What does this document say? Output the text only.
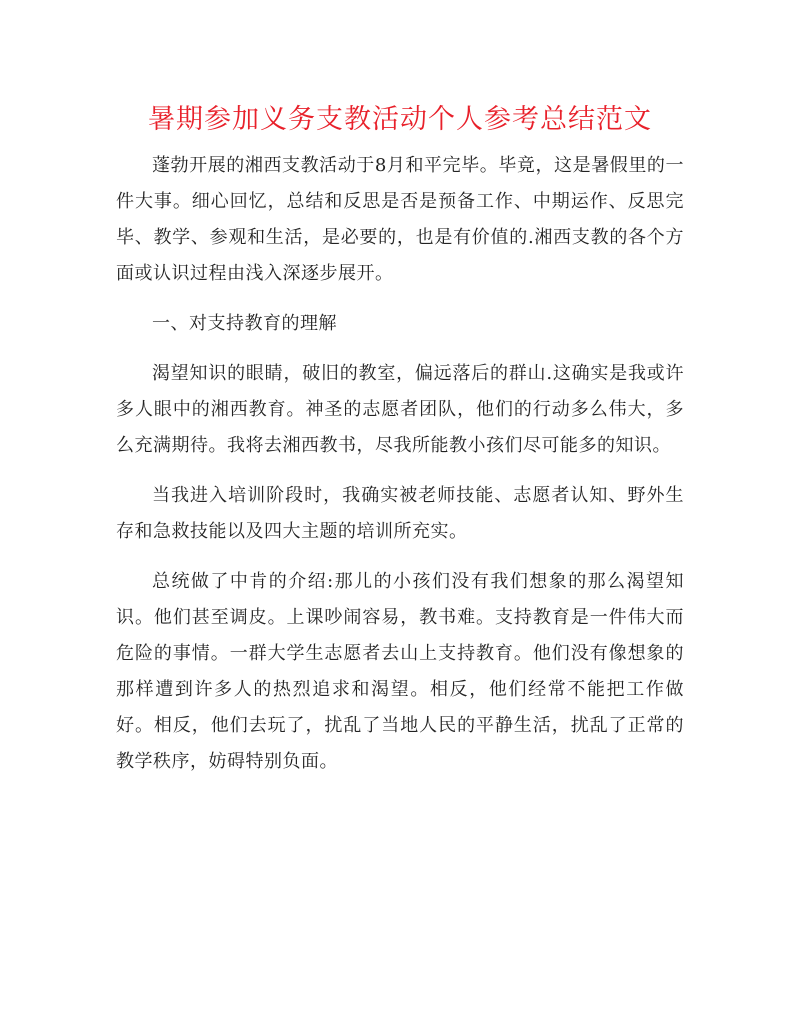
暑期参加义务支教活动个人参考总结范文

蓬勃开展的湘西支教活动于8月和平完毕。毕竟，这是暑假里的一件大事。细心回忆，总结和反思是否是预备工作、中期运作、反思完毕、教学、参观和生活，是必要的，也是有价值的.湘西支教的各个方面或认识过程由浅入深逐步展开。

一、对支持教育的理解

渴望知识的眼睛，破旧的教室，偏远落后的群山.这确实是我或许多人眼中的湘西教育。神圣的志愿者团队，他们的行动多么伟大，多么充满期待。我将去湘西教书，尽我所能教小孩们尽可能多的知识。

当我进入培训阶段时，我确实被老师技能、志愿者认知、野外生存和急救技能以及四大主题的培训所充实。

总统做了中肯的介绍:那儿的小孩们没有我们想象的那么渴望知识。他们甚至调皮。上课吵闹容易，教书难。支持教育是一件伟大而危险的事情。一群大学生志愿者去山上支持教育。他们没有像想象的那样遭到许多人的热烈追求和渴望。相反，他们经常不能把工作做好。相反，他们去玩了，扰乱了当地人民的平静生活，扰乱了正常的教学秩序，妨碍特别负面。
